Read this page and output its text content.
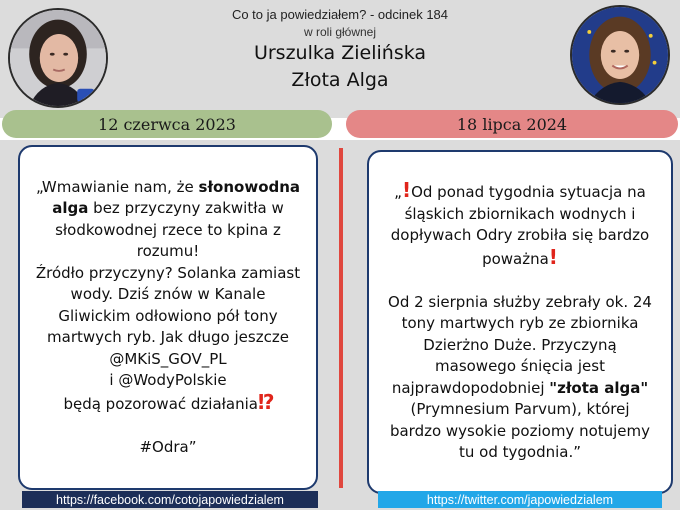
Co to ja powiedziałem? - odcinek 184
w roli głównej
Urszulka Zielińska
Złota Alga
12 czerwca 2023	18 lipca 2024

„Wmawianie nam, że słonowodna alga bez przyczyny zakwitła w słodkowodnej rzece to kpina z rozumu!

Źródło przyczyny? Solanka zamiast wody. Dziś znów w Kanale Gliwickim odłowiono pół tony martwych ryb. Jak długo jeszcze

@MKiS_GOV_PL

i @WodyPolskie

będą pozorować działania⁉

#Odra”

„!Od ponad tygodnia sytuacja na śląskich zbiornikach wodnych i dopływach Odry zrobiła się bardzo poważna!

Od 2 sierpnia służby zebrały ok. 24 tony martwych ryb ze zbiornika Dzierżno Duże. Przyczyną masowego śnięcia jest najprawdopodobniej "złota alga" (Prymnesium Parvum), której bardzo wysokie poziomy notujemy tu od tygodnia.”

https://facebook.com/cotojapowiedzialem	https://twitter.com/japowiedzialem
